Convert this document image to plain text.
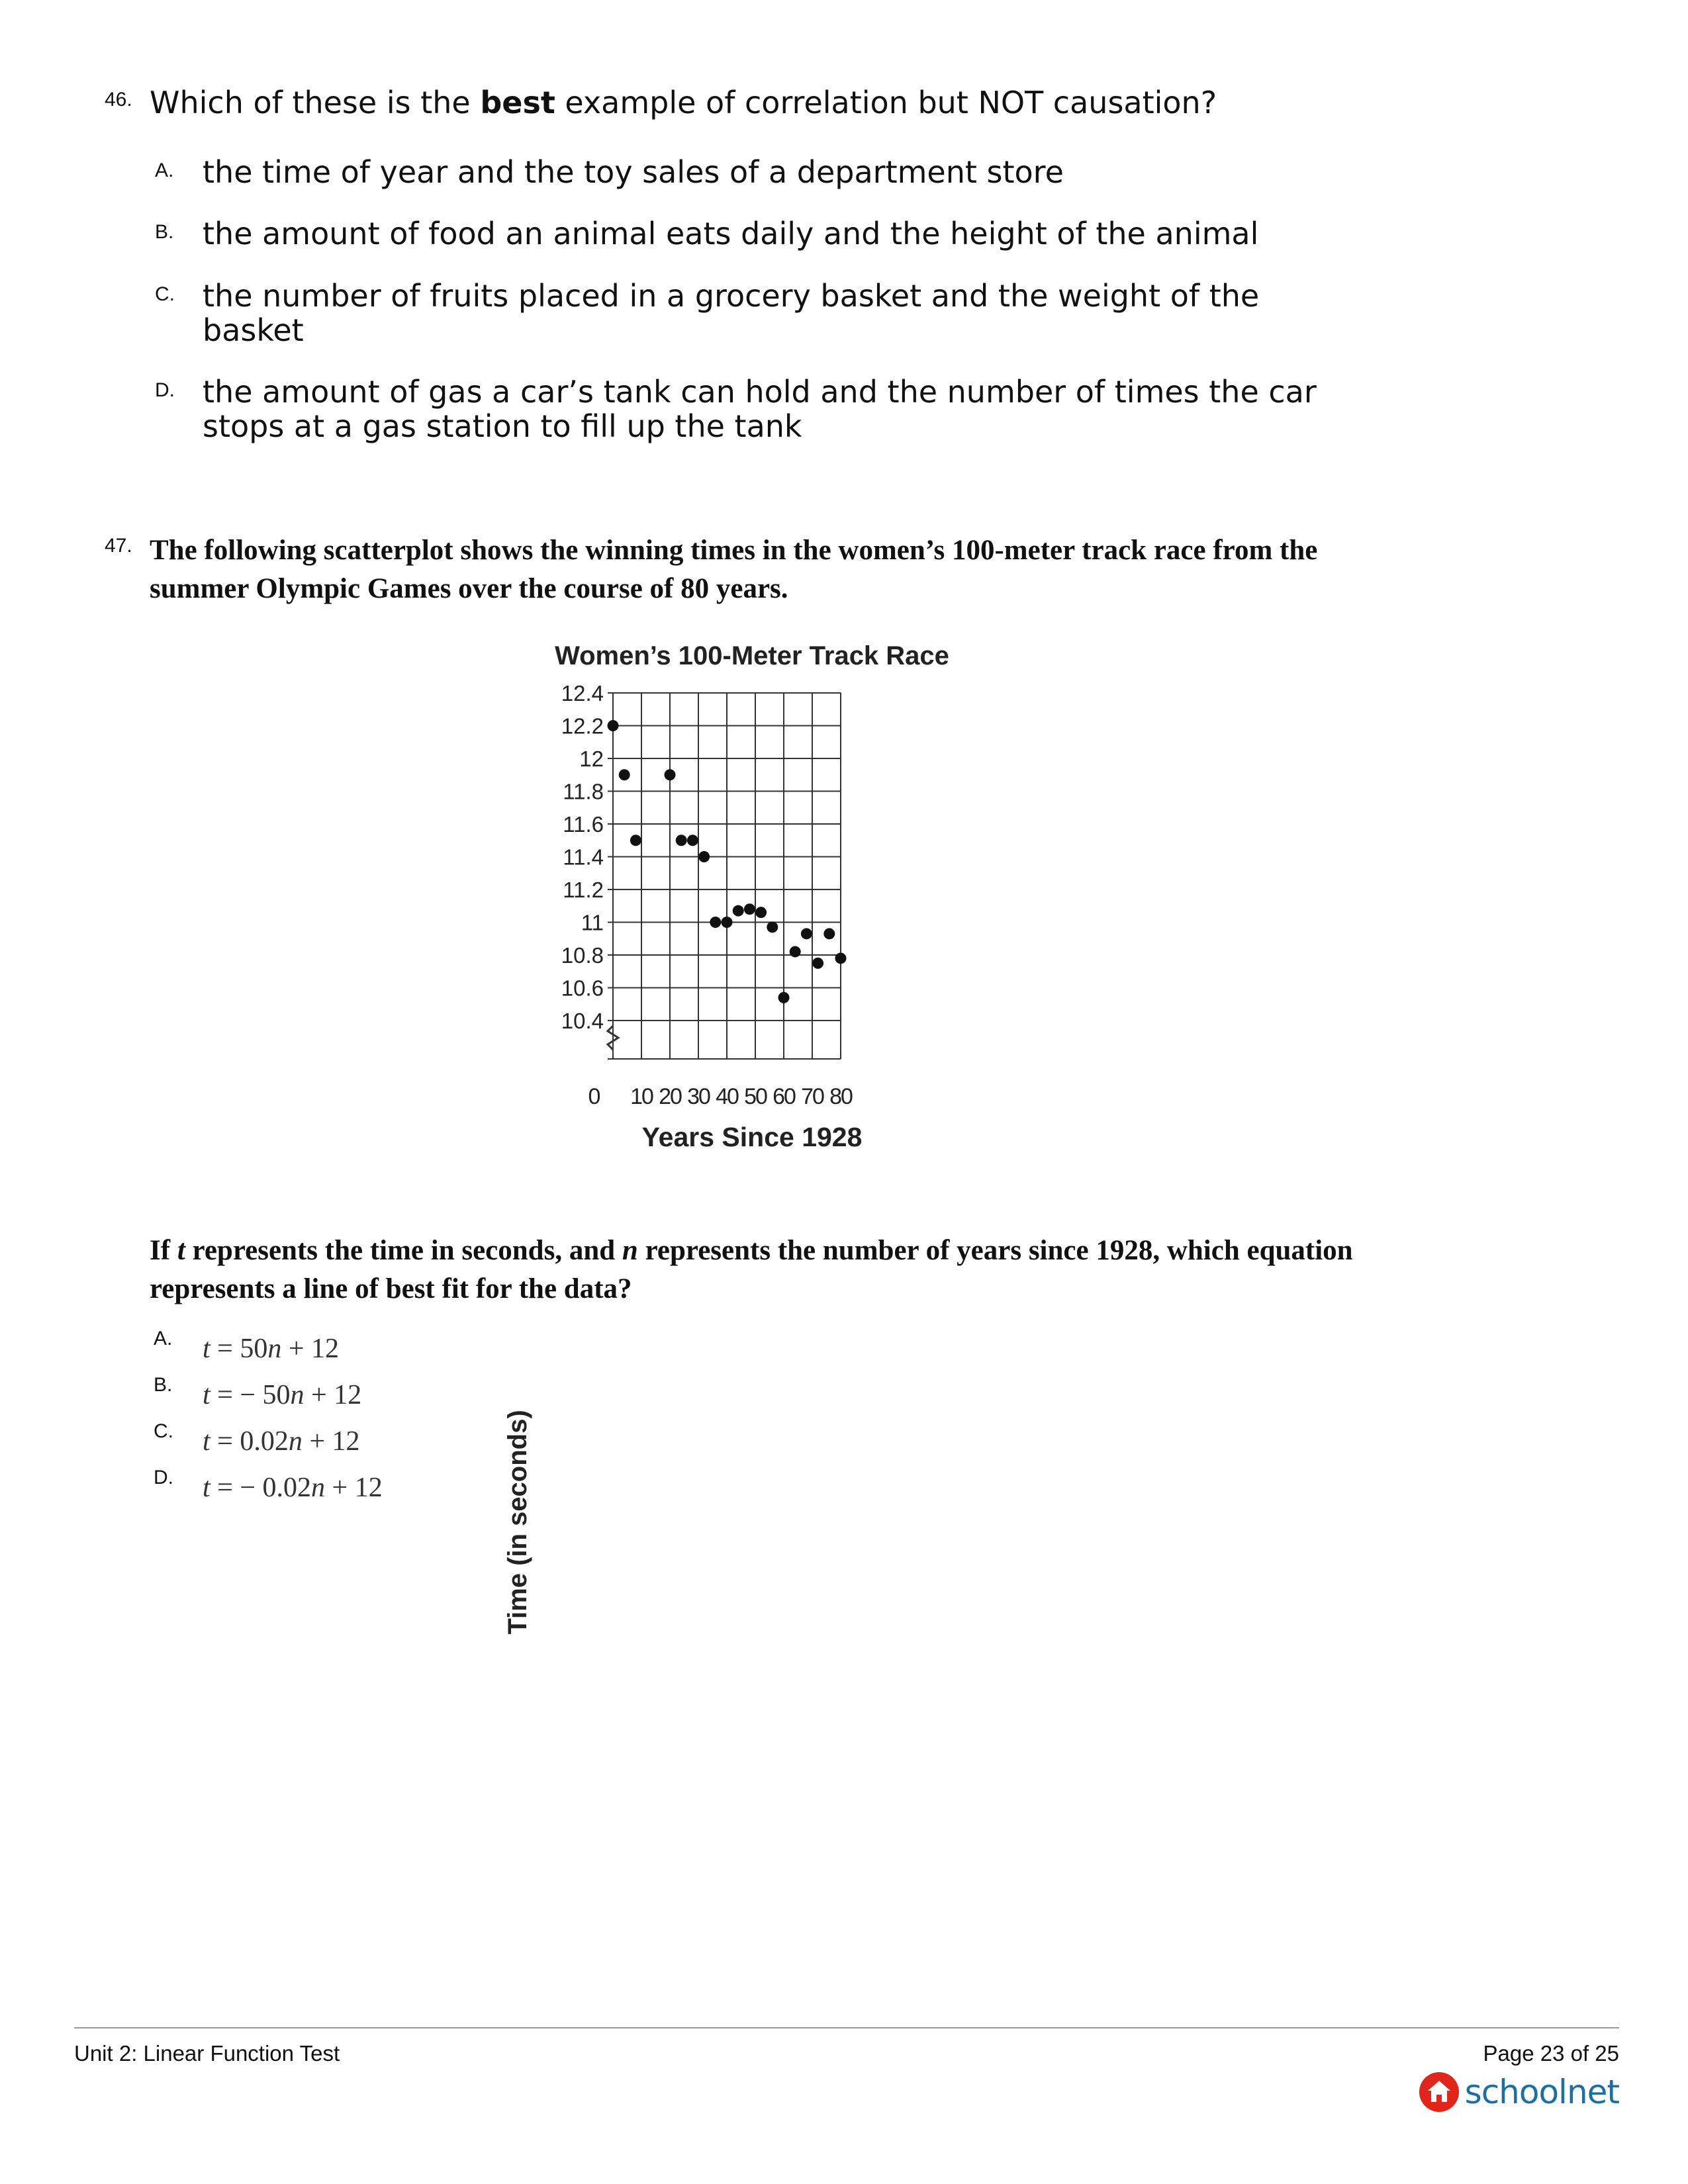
46. Which of these is the best example of correlation but NOT causation?
A. the time of year and the toy sales of a department store
B. the amount of food an animal eats daily and the height of the animal
C. the number of fruits placed in a grocery basket and the weight of the basket
D. the amount of gas a car’s tank can hold and the number of times the car stops at a gas station to fill up the tank
47. The following scatterplot shows the winning times in the women’s 100-meter track race from the summer Olympic Games over the course of 80 years.
Women’s 100-Meter Track Race
12.4
12.2
12
11.8
11.6
11.4
11.2
11
10.8
10.6
10.4
10 20 30 40 50 60 70 80
Time (in seconds)
Years Since 1928
0
If t represents the time in seconds, and n represents the number of years since 1928, which equation represents a line of best fit for the data?
A. t = 50n + 12
B. t = − 50n + 12
C. t = 0.02n + 12
D. t = − 0.02n + 12
Unit 2: Linear Function Test	Page 23 of 25
schoolnet
